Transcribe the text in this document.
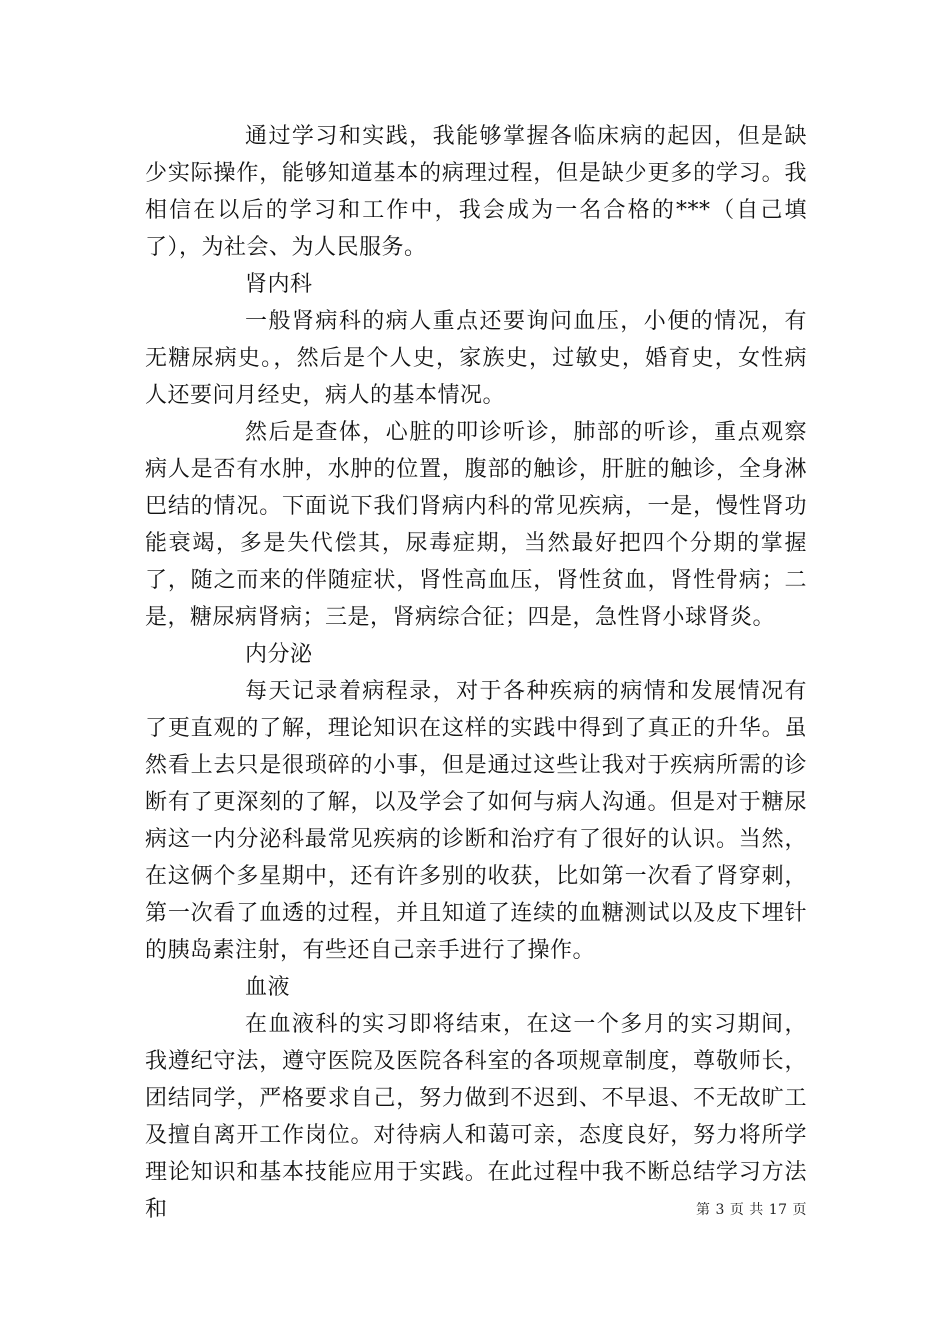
通过学习和实践，我能够掌握各临床病的起因，但是缺少实际操作，能够知道基本的病理过程，但是缺少更多的学习。我相信在以后的学习和工作中，我会成为一名合格的***（自己填了），为社会、为人民服务。

肾内科

一般肾病科的病人重点还要询问血压，小便的情况，有无糖尿病史。，然后是个人史，家族史，过敏史，婚育史，女性病人还要问月经史，病人的基本情况。

然后是查体，心脏的叩诊听诊，肺部的听诊，重点观察病人是否有水肿，水肿的位置，腹部的触诊，肝脏的触诊，全身淋巴结的情况。下面说下我们肾病内科的常见疾病，一是，慢性肾功能衰竭，多是失代偿其，尿毒症期，当然最好把四个分期的掌握了，随之而来的伴随症状，肾性高血压，肾性贫血，肾性骨病；二是，糖尿病肾病；三是，肾病综合征；四是，急性肾小球肾炎。

内分泌

每天记录着病程录，对于各种疾病的病情和发展情况有了更直观的了解，理论知识在这样的实践中得到了真正的升华。虽然看上去只是很琐碎的小事，但是通过这些让我对于疾病所需的诊断有了更深刻的了解，以及学会了如何与病人沟通。但是对于糖尿病这一内分泌科最常见疾病的诊断和治疗有了很好的认识。当然，在这俩个多星期中，还有许多别的收获，比如第一次看了肾穿刺，第一次看了血透的过程，并且知道了连续的血糖测试以及皮下埋针的胰岛素注射，有些还自己亲手进行了操作。

血液

在血液科的实习即将结束，在这一个多月的实习期间，我遵纪守法，遵守医院及医院各科室的各项规章制度，尊敬师长，团结同学，严格要求自己，努力做到不迟到、不早退、不无故旷工及擅自离开工作岗位。对待病人和蔼可亲，态度良好，努力将所学理论知识和基本技能应用于实践。在此过程中我不断总结学习方法和	第 3 页 共 17 页
